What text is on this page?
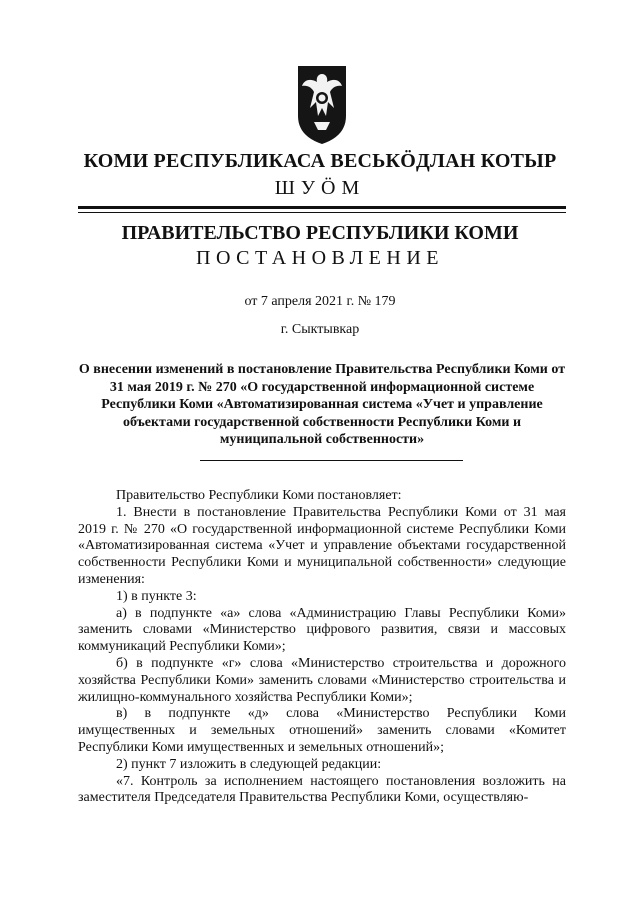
КОМИ РЕСПУБЛИКАСА ВЕСЬКӦДЛАН КОТЫР
ШУӦМ
ПРАВИТЕЛЬСТВО РЕСПУБЛИКИ КОМИ
ПОСТАНОВЛЕНИЕ
от 7 апреля 2021 г. № 179
г. Сыктывкар
О внесении изменений в постановление Правительства Республики Коми от 31 мая 2019 г. № 270 «О государственной информационной системе Республики Коми «Автоматизированная система «Учет и управление объектами государственной собственности Республики Коми и муниципальной собственности»

Правительство Республики Коми постановляет:

1. Внести в постановление Правительства Республики Коми от 31 мая 2019 г. № 270 «О государственной информационной системе Республики Коми «Автоматизированная система «Учет и управление объектами государственной собственности Республики Коми и муниципальной собственности» следующие изменения:

1) в пункте 3:

а) в подпункте «а» слова «Администрацию Главы Республики Коми» заменить словами «Министерство цифрового развития, связи и массовых коммуникаций Республики Коми»;

б) в подпункте «г» слова «Министерство строительства и дорожного хозяйства Республики Коми» заменить словами «Министерство строительства и жилищно-коммунального хозяйства Республики Коми»;

в) в подпункте «д» слова «Министерство Республики Коми имущественных и земельных отношений» заменить словами «Комитет Республики Коми имущественных и земельных отношений»;

2) пункт 7 изложить в следующей редакции:

«7. Контроль за исполнением настоящего постановления возложить на заместителя Председателя Правительства Республики Коми, осуществляю-
